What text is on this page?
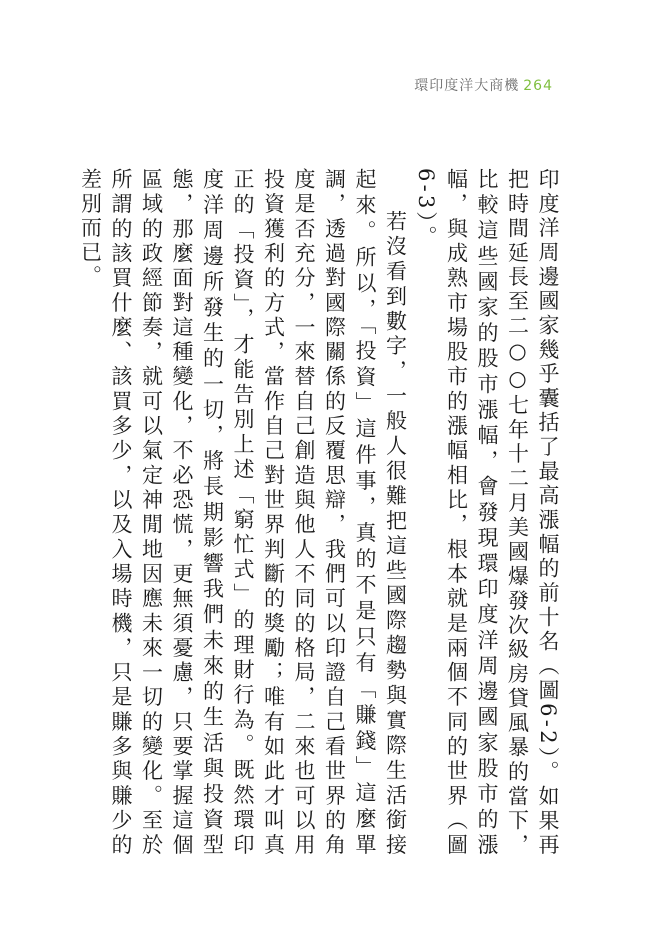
環印度洋大商機 264

印度洋周邊國家幾乎囊括了最高漲幅的前十名（圖6-2）。如果再把時間延長至二○○七年十二月美國爆發次級房貸風暴的當下，比較這些國家的股市漲幅，會發現環印度洋周邊國家股市的漲幅，與成熟市場股市的漲幅相比，根本就是兩個不同的世界（圖6-3）。

若沒看到數字，一般人很難把這些國際趨勢與實際生活銜接起來。所以，「投資」這件事，真的不是只有「賺錢」這麼單調，透過對國際關係的反覆思辯，我們可以印證自己看世界的角度是否充分，一來替自己創造與他人不同的格局，二來也可以用投資獲利的方式，當作自己對世界判斷的獎勵；唯有如此才叫真正的「投資」，才能告別上述「窮忙式」的理財行為。既然環印度洋周邊所發生的一切，將長期影響我們未來的生活與投資型態，那麼面對這種變化，不必恐慌，更無須憂慮，只要掌握這個區域的政經節奏，就可以氣定神閒地因應未來一切的變化。至於所謂的該買什麼、該買多少，以及入場時機，只是賺多與賺少的差別而已。
